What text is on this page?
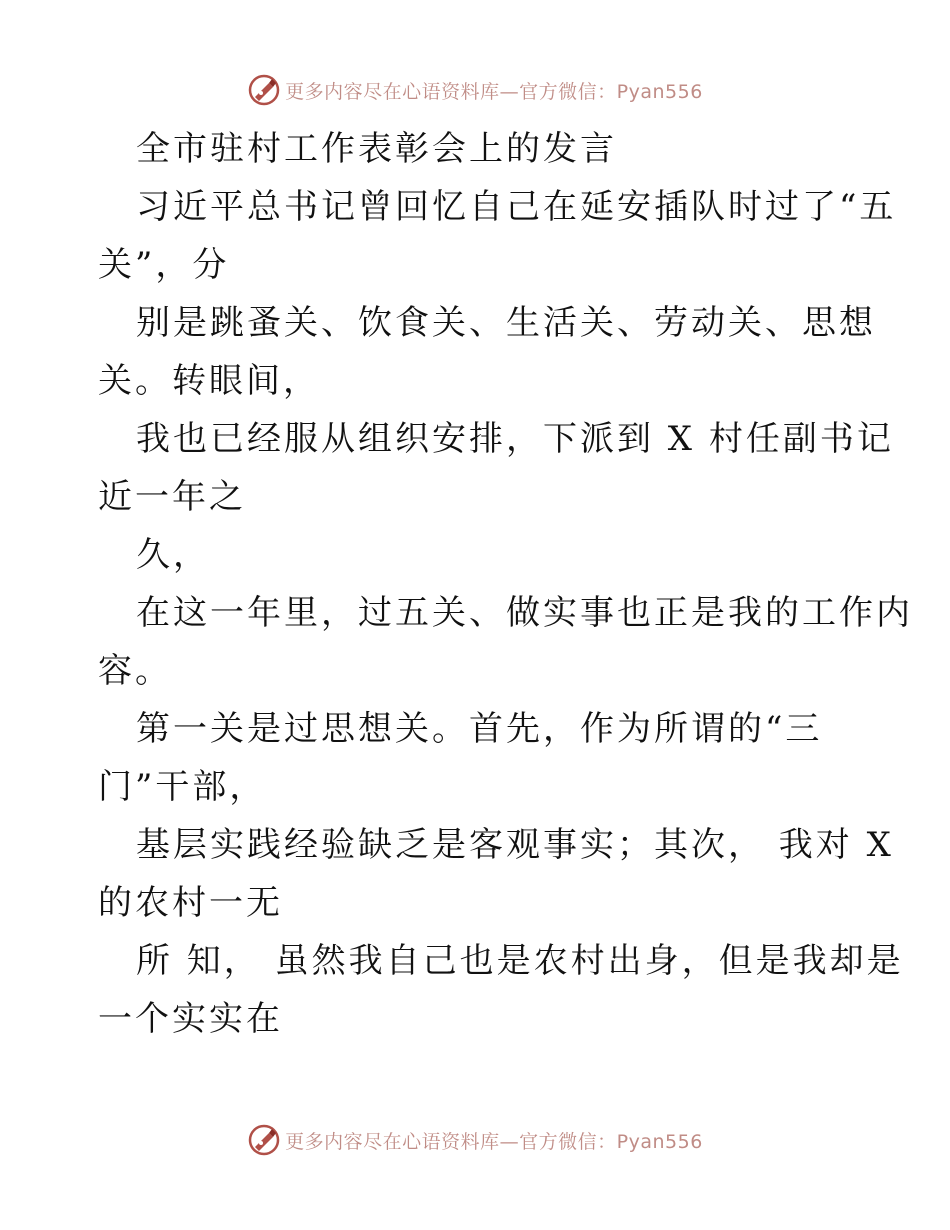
更多内容尽在心语资料库—官方微信：Pyan556

全市驻村工作表彰会上的发言

习近平总书记曾回忆自己在延安插队时过了“五

关”，分

别是跳蚤关、饮食关、生活关、劳动关、思想

关。转眼间，

我也已经服从组织安排，下派到 X 村任副书记

近一年之

久，

在这一年里，过五关、做实事也正是我的工作内

容。

第一关是过思想关。首先，作为所谓的“三

门”干部，

基层实践经验缺乏是客观事实；其次， 我对 X

的农村一无

所 知， 虽然我自己也是农村出身，但是我却是

一个实实在

更多内容尽在心语资料库—官方微信：Pyan556
